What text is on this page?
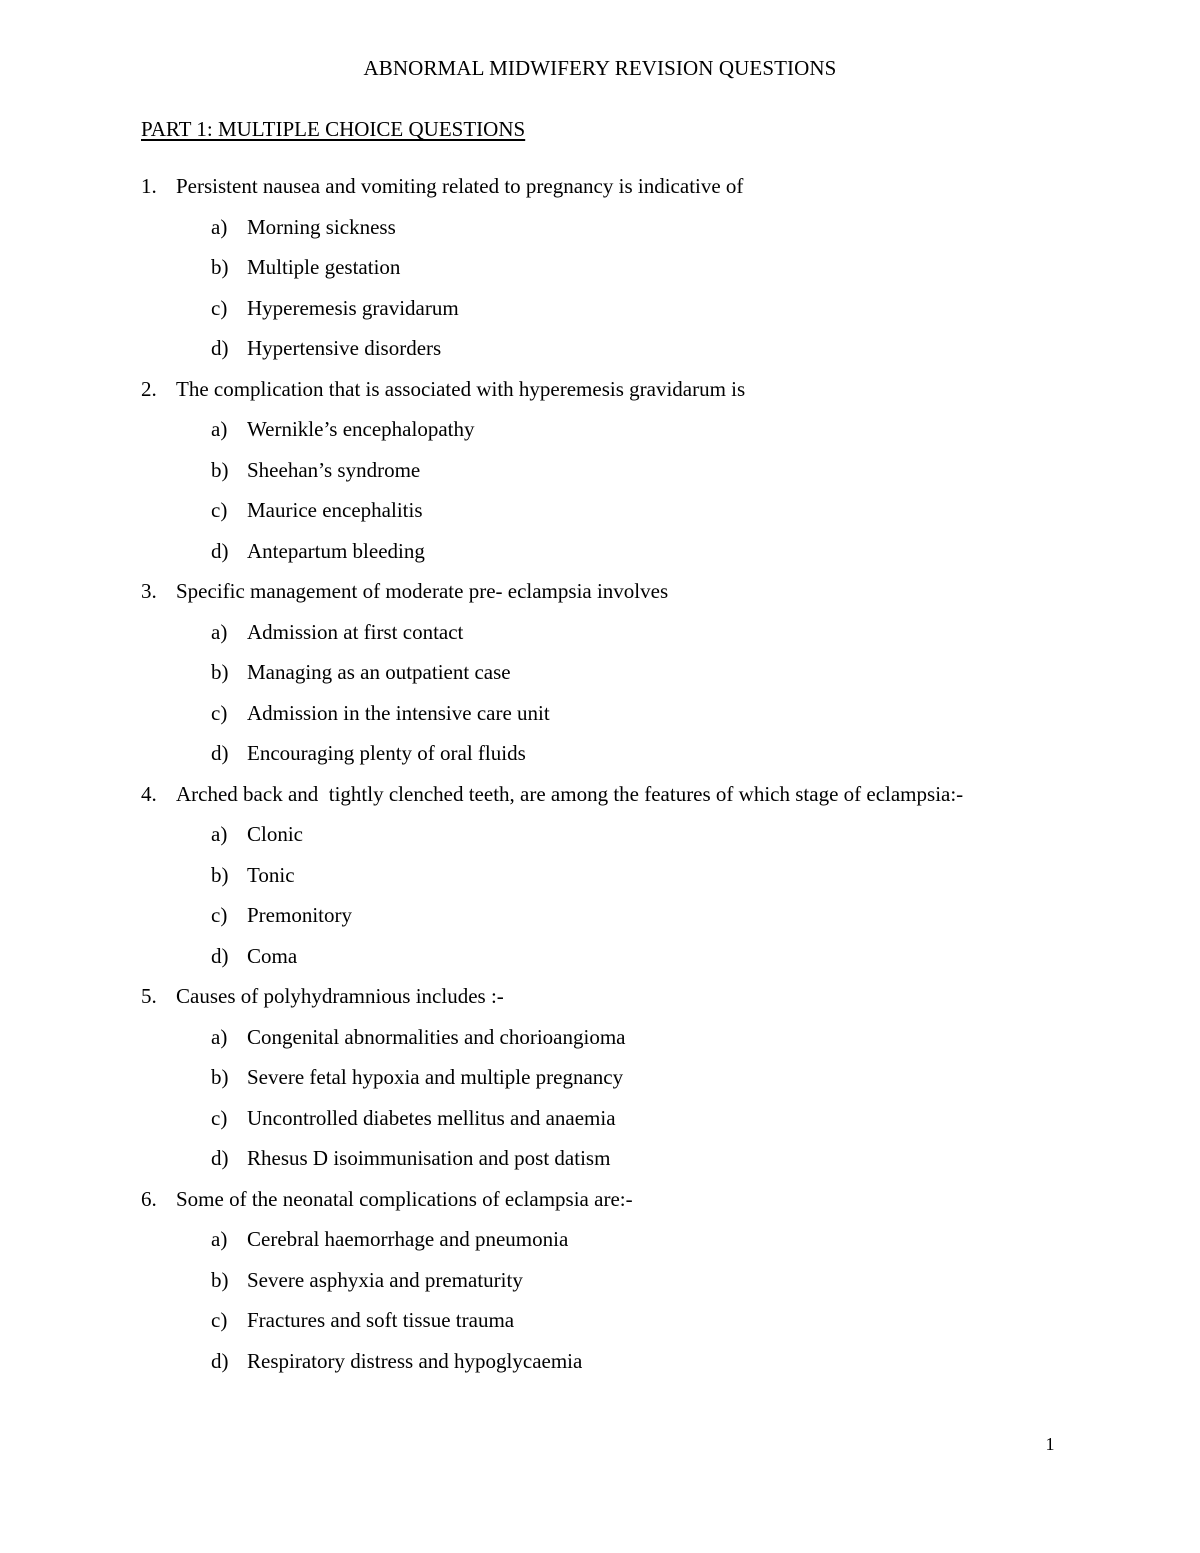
ABNORMAL MIDWIFERY REVISION QUESTIONS
PART 1: MULTIPLE CHOICE QUESTIONS
1. Persistent nausea and vomiting related to pregnancy is indicative of
a) Morning sickness
b) Multiple gestation
c) Hyperemesis gravidarum
d) Hypertensive disorders
2. The complication that is associated with hyperemesis gravidarum is
a) Wernikle’s encephalopathy
b) Sheehan’s syndrome
c) Maurice encephalitis
d) Antepartum bleeding
3. Specific management of moderate pre- eclampsia involves
a) Admission at first contact
b) Managing as an outpatient case
c) Admission in the intensive care unit
d) Encouraging plenty of oral fluids
4. Arched back and  tightly clenched teeth, are among the features of which stage of eclampsia:-
a) Clonic
b) Tonic
c) Premonitory
d) Coma
5. Causes of polyhydramnious includes :-
a) Congenital abnormalities and chorioangioma
b) Severe fetal hypoxia and multiple pregnancy
c) Uncontrolled diabetes mellitus and anaemia
d) Rhesus D isoimmunisation and post datism
6. Some of the neonatal complications of eclampsia are:-
a) Cerebral haemorrhage and pneumonia
b) Severe asphyxia and prematurity
c) Fractures and soft tissue trauma
d) Respiratory distress and hypoglycaemia
1
